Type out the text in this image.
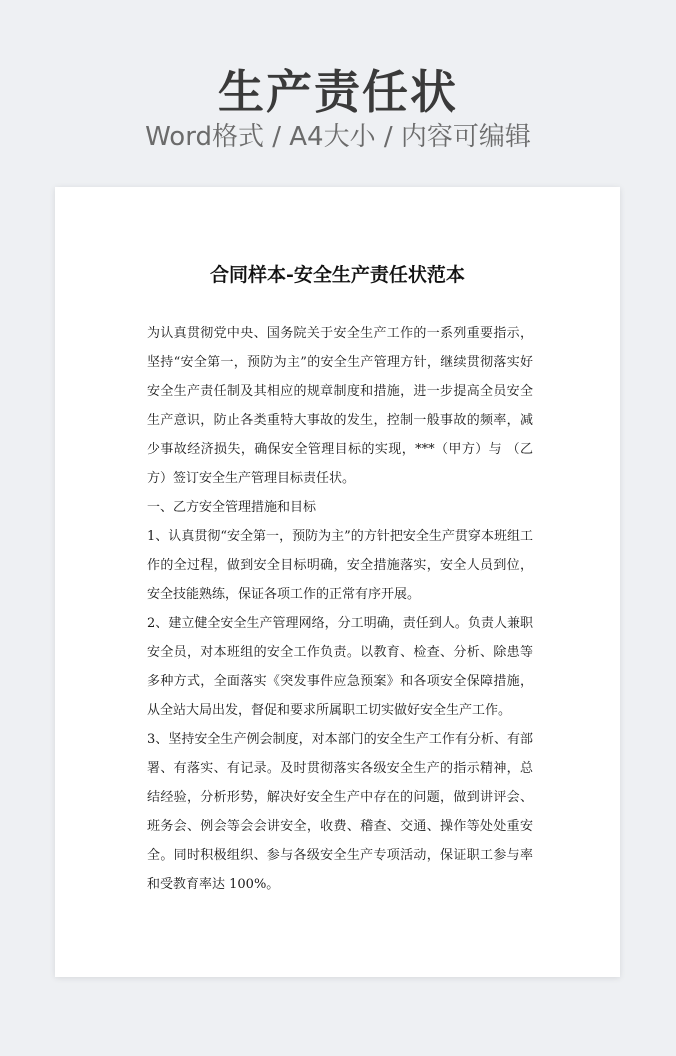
生产责任状
Word格式 / A4大小 / 内容可编辑
合同样本-安全生产责任状范本

为认真贯彻党中央、国务院关于安全生产工作的一系列重要指示，坚持“安全第一，预防为主”的安全生产管理方针，继续贯彻落实好安全生产责任制及其相应的规章制度和措施，进一步提高全员安全生产意识，防止各类重特大事故的发生，控制一般事故的频率，减少事故经济损失，确保安全管理目标的实现，***（甲方）与 （乙方）签订安全生产管理目标责任状。

一、乙方安全管理措施和目标

1、认真贯彻“安全第一，预防为主”的方针把安全生产贯穿本班组工作的全过程，做到安全目标明确，安全措施落实，安全人员到位，安全技能熟练，保证各项工作的正常有序开展。

2、建立健全安全生产管理网络，分工明确，责任到人。负责人兼职安全员，对本班组的安全工作负责。以教育、检查、分析、除患等多种方式，全面落实《突发事件应急预案》和各项安全保障措施，从全站大局出发，督促和要求所属职工切实做好安全生产工作。

3、坚持安全生产例会制度，对本部门的安全生产工作有分析、有部署、有落实、有记录。及时贯彻落实各级安全生产的指示精神，总结经验，分析形势，解决好安全生产中存在的问题，做到讲评会、班务会、例会等会会讲安全，收费、稽查、交通、操作等处处重安全。同时积极组织、参与各级安全生产专项活动，保证职工参与率和受教育率达 100%。
